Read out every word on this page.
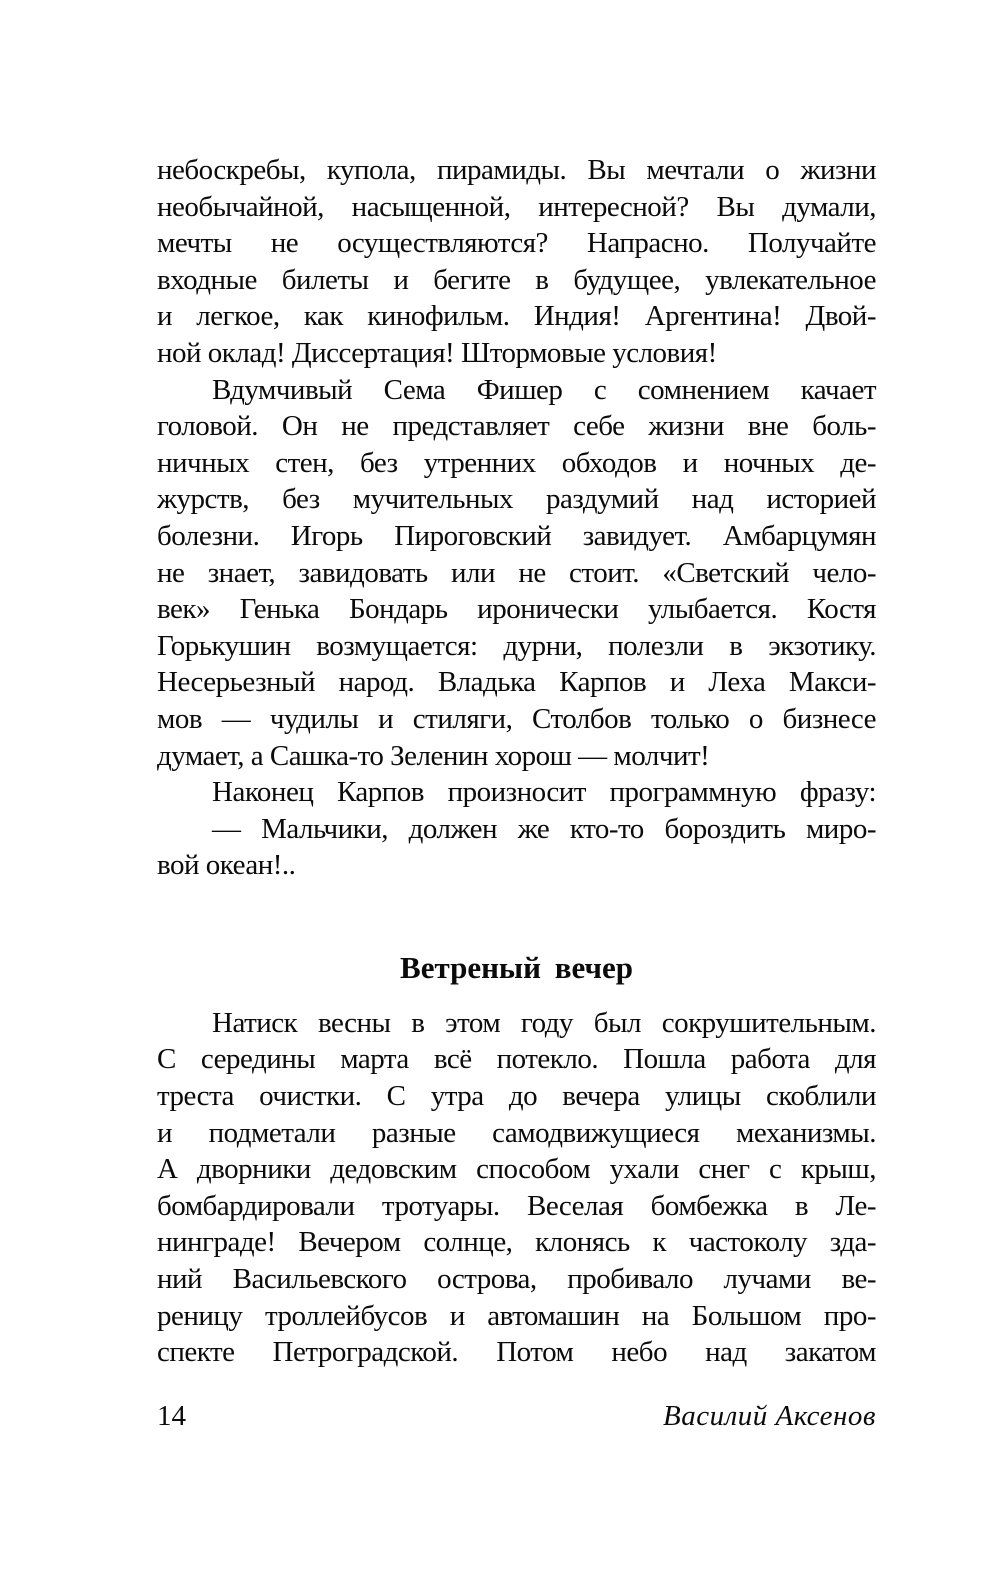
небоскребы, купола, пирамиды. Вы мечтали о жизни
необычайной, насыщенной, интересной? Вы думали,
мечты не осуществляются? Напрасно. Получайте
входные билеты и бегите в будущее, увлекательное
и легкое, как кинофильм. Индия! Аргентина! Двой-
ной оклад! Диссертация! Штормовые условия!
Вдумчивый Сема Фишер с сомнением качает
головой. Он не представляет себе жизни вне боль-
ничных стен, без утренних обходов и ночных де-
журств, без мучительных раздумий над историей
болезни. Игорь Пироговский завидует. Амбарцумян
не знает, завидовать или не стоит. «Светский чело-
век» Генька Бондарь иронически улыбается. Костя
Горькушин возмущается: дурни, полезли в экзотику.
Несерьезный народ. Владька Карпов и Леха Макси-
мов — чудилы и стиляги, Столбов только о бизнесе
думает, а Сашка-то Зеленин хорош — молчит!
Наконец Карпов произносит программную фразу:
— Мальчики, должен же кто-то бороздить миро-
вой океан!..
Ветреный вечер
Натиск весны в этом году был сокрушительным.
С середины марта всё потекло. Пошла работа для
треста очистки. С утра до вечера улицы скоблили
и подметали разные самодвижущиеся механизмы.
А дворники дедовским способом ухали снег с крыш,
бомбардировали тротуары. Веселая бомбежка в Ле-
нинграде! Вечером солнце, клонясь к частоколу зда-
ний Васильевского острова, пробивало лучами ве-
реницу троллейбусов и автомашин на Большом про-
спекте Петроградской. Потом небо над закатом
14	Василий Аксенов
